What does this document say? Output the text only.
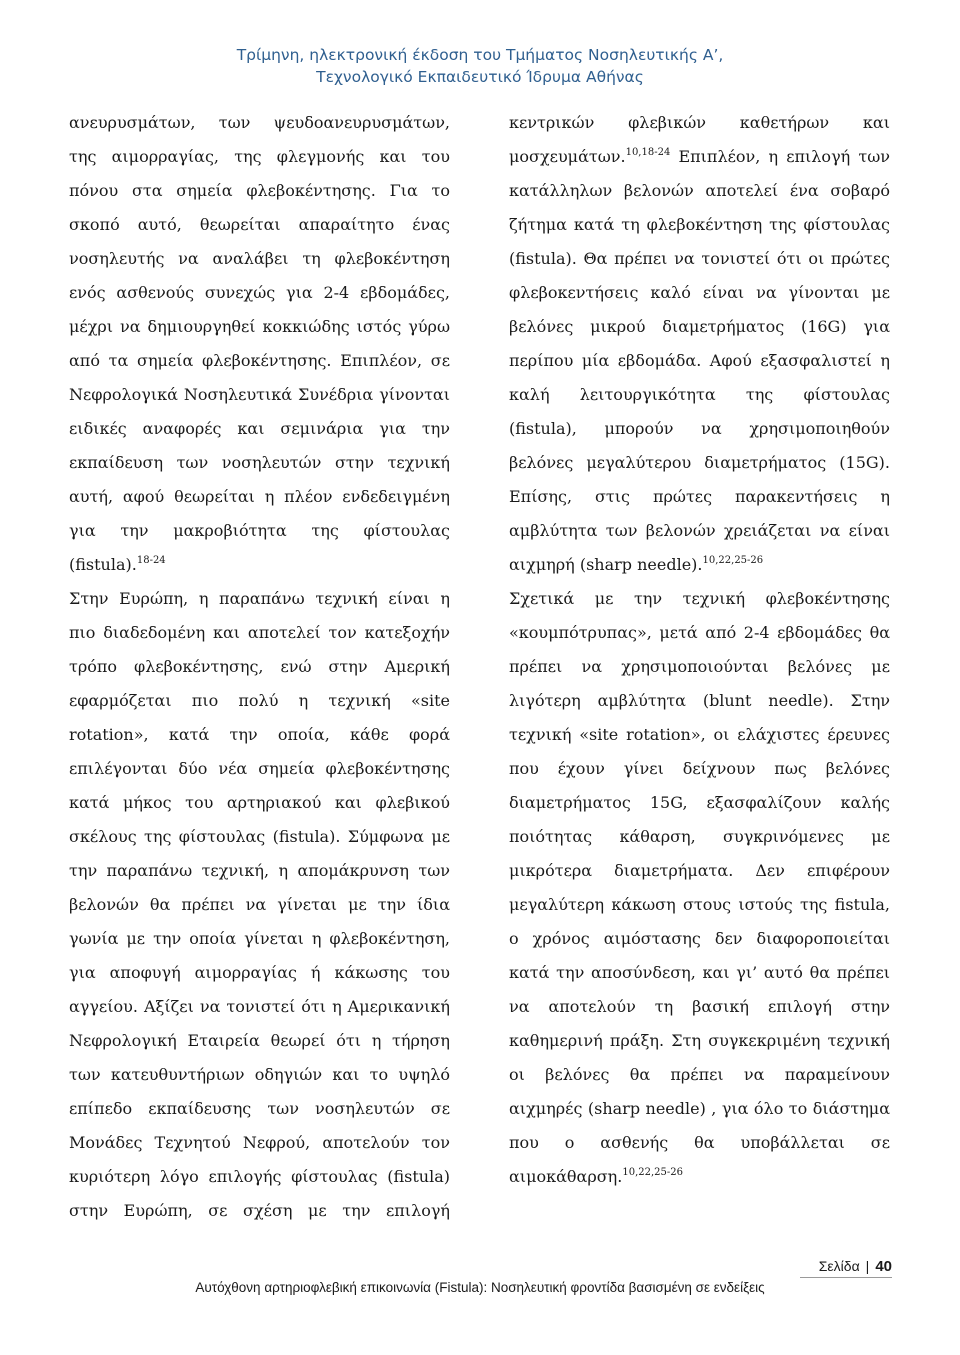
Τρίμηνη, ηλεκτρονική έκδοση του Τμήματος Νοσηλευτικής Α’,
Τεχνολογικό Εκπαιδευτικό Ίδρυμα Αθήνας
ανευρυσμάτων, των ψευδοανευρυσμάτων,
της αιμορραγίας, της φλεγμονής και του
πόνου στα σημεία φλεβοκέντησης. Για το
σκοπό αυτό, θεωρείται απαραίτητο ένας
νοσηλευτής να αναλάβει τη φλεβοκέντηση
ενός ασθενούς συνεχώς για 2-4 εβδομάδες,
μέχρι να δημιουργηθεί κοκκιώδης ιστός γύρω
από τα σημεία φλεβοκέντησης. Επιπλέον, σε
Νεφρολογικά Νοσηλευτικά Συνέδρια γίνονται
ειδικές αναφορές και σεμινάρια για την
εκπαίδευση των νοσηλευτών στην τεχνική
αυτή, αφού θεωρείται η πλέον ενδεδειγμένη
για την μακροβιότητα της φίστουλας
(fistula).$^{18-24}$
Στην Ευρώπη, η παραπάνω τεχνική είναι η
πιο διαδεδομένη και αποτελεί τον κατεξοχήν
τρόπο φλεβοκέντησης, ενώ στην Αμερική
εφαρμόζεται πιο πολύ η τεχνική «site
rotation», κατά την οποία, κάθε φορά
επιλέγονται δύο νέα σημεία φλεβοκέντησης
κατά μήκος του αρτηριακού και φλεβικού
σκέλους της φίστουλας (fistula). Σύμφωνα με
την παραπάνω τεχνική, η απομάκρυνση των
βελονών θα πρέπει να γίνεται με την ίδια
γωνία με την οποία γίνεται η φλεβοκέντηση,
για αποφυγή αιμορραγίας ή κάκωσης του
αγγείου. Αξίζει να τονιστεί ότι η Αμερικανική
Νεφρολογική Εταιρεία θεωρεί ότι η τήρηση
των κατευθυντήριων οδηγιών και το υψηλό
επίπεδο εκπαίδευσης των νοσηλευτών σε
Μονάδες Τεχνητού Νεφρού, αποτελούν τον
κυριότερη λόγο επιλογής φίστουλας (fistula)
στην Ευρώπη, σε σχέση με την επιλογή
κεντρικών φλεβικών καθετήρων και
μοσχευμάτων.$^{10,18-24}$ Επιπλέον, η επιλογή των
κατάλληλων βελονών αποτελεί ένα σοβαρό
ζήτημα κατά τη φλεβοκέντηση της φίστουλας
(fistula). Θα πρέπει να τονιστεί ότι οι πρώτες
φλεβοκεντήσεις καλό είναι να γίνονται με
βελόνες μικρού διαμετρήματος (16G) για
περίπου μία εβδομάδα. Αφού εξασφαλιστεί η
καλή λειτουργικότητα της φίστουλας
(fistula), μπορούν να χρησιμοποιηθούν
βελόνες μεγαλύτερου διαμετρήματος (15G).
Επίσης, στις πρώτες παρακεντήσεις η
αμβλύτητα των βελονών χρειάζεται να είναι
αιχμηρή (sharp needle).$^{10,22,25-26}$
Σχετικά με την τεχνική φλεβοκέντησης
«κουμπότρυπας», μετά από 2-4 εβδομάδες θα
πρέπει να χρησιμοποιούνται βελόνες με
λιγότερη αμβλύτητα (blunt needle). Στην
τεχνική «site rotation», οι ελάχιστες έρευνες
που έχουν γίνει δείχνουν πως βελόνες
διαμετρήματος 15G, εξασφαλίζουν καλής
ποιότητας κάθαρση, συγκρινόμενες με
μικρότερα διαμετρήματα. Δεν επιφέρουν
μεγαλύτερη κάκωση στους ιστούς της fistula,
ο χρόνος αιμόστασης δεν διαφοροποιείται
κατά την αποσύνδεση, και γι’ αυτό θα πρέπει
να αποτελούν τη βασική επιλογή στην
καθημερινή πράξη. Στη συγκεκριμένη τεχνική
οι βελόνες θα πρέπει να παραμείνουν
αιχμηρές (sharp needle) , για όλο το διάστημα
που ο ασθενής θα υποβάλλεται σε
αιμοκάθαρση.$^{10,22,25-26}$
Σελίδα | 40
Αυτόχθονη αρτηριοφλεβική επικοινωνία (Fistula): Νοσηλευτική φροντίδα βασισμένη σε ενδείξεις
